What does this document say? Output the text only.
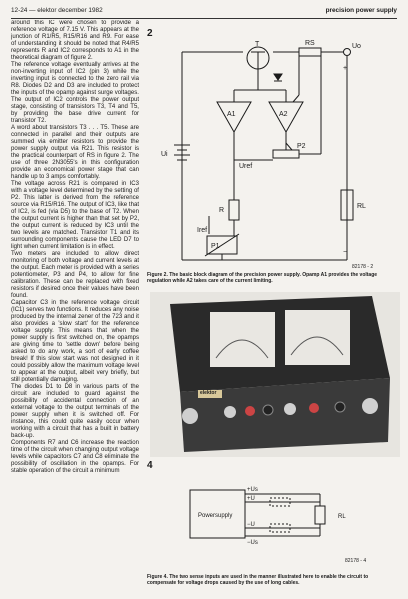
12-24 — elektor december 1982	precision power supply

around this IC were chosen to provide a reference voltage of 7.15 V. This appears at the junction of R1/R5, R15/R16 and R9. For ease of understanding it should be noted that R4/R5 represents R and IC2 corresponds to A1 in the theoretical diagram of figure 2.

The reference voltage eventually arrives at the non-inverting input of IC2 (pin 3) while the inverting input is connected to the zero rail via R8. Diodes D2 and D3 are included to protect the inputs of the opamp against surge voltages. The output of IC2 controls the power output stage, consisting of transistors T3, T4 and T5, by providing the base drive current for transistor T2.

A word about transistors T3 . . . T5. These are connected in parallel and their outputs are summed via emitter resistors to provide the power supply output via R21. This resistor is the practical counterpart of RS in figure 2. The use of three 2N3055's in this configuration provide an economical power stage that can handle up to 3 amps comfortably.

The voltage across R21 is compared in IC3 with a voltage level determined by the setting of P2. This latter is derived from the reference source via R15/R16. The output of IC3, like that of IC2, is fed (via D5) to the base of T2. When the output current is higher than that set by P2, the output current is reduced by IC3 until the two levels are matched. Transistor T1 and its surrounding components cause the LED D7 to light when current limitation is in effect.

Two meters are included to allow direct monitoring of both voltage and current levels at the output. Each meter is provided with a series potentiometer, P3 and P4, to allow for fine calibration. These can be replaced with fixed resistors if desired once their values have been found.

Capacitor C3 in the reference voltage circuit (IC1) serves two functions. It reduces any noise produced by the internal zener of the 723 and it also provides a 'slow start' for the reference voltage supply. This means that when the power supply is first switched on, the opamps are giving time to 'settle down' before being asked to do any work, a sort of early coffee break! If this slow start was not designed in it could possibly allow the maximum voltage level to appear at the output, albeit very briefly, but still potentially damaging.

The diodes D1 to D8 in various parts of the circuit are included to guard against the possibility of accidental connection of an external voltage to the output terminals of the power supply when it is switched off. For instance, this could quite easily occur when working with a circuit that has a built in battery back-up.

Components R7 and C6 increase the reaction time of the circuit when changing output voltage levels while capacitors C7 and C8 eliminate the possibility of oscillation in the opamps. For stable operation of the circuit a minimum

2
T	RS	Uo
A1	A2
Ui
Uref
P2
R
Iref
P1
RL
+
−
82178 - 2
Figure 2. The basic block diagram of the precision power supply. Opamp A1 provides the voltage regulation while A2 takes care of the current limiting.
elektor
4
Powersupply
+Us
+U
−U
−Us
RL
82178 - 4
Figure 4. The two sense inputs are used in the manner illustrated here to enable the circuit to compensate for voltage drops caused by the use of long cables.
